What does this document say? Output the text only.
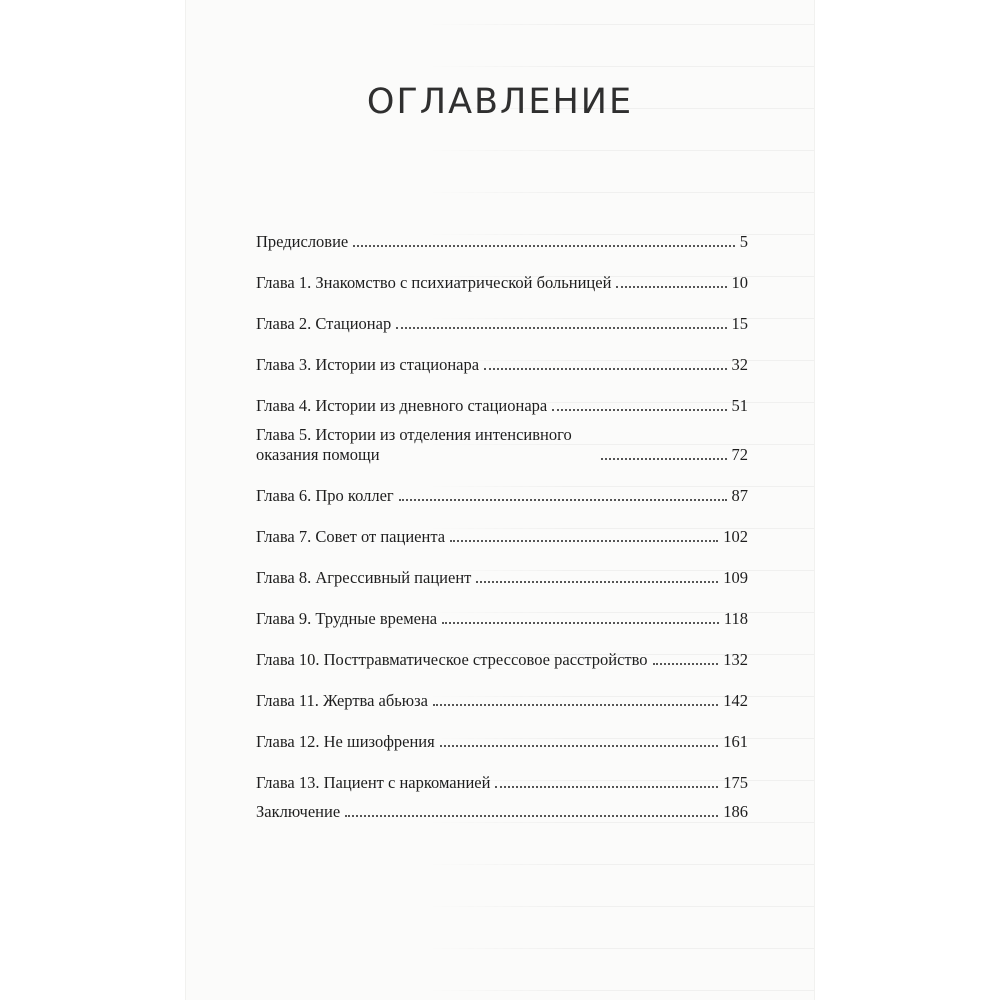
ОГЛАВЛЕНИЕ
Предисловие	5
Глава 1. Знакомство с психиатрической больницей	10
Глава 2. Стационар	15
Глава 3. Истории из стационара	32
Глава 4. Истории из дневного стационара	51
Глава 5. Истории из отделения интенсивного оказания помощи	72
Глава 6. Про коллег	87
Глава 7. Совет от пациента	102
Глава 8. Агрессивный пациент	109
Глава 9. Трудные времена	118
Глава 10. Посттравматическое стрессовое расстройство	132
Глава 11. Жертва абьюза	142
Глава 12. Не шизофрения	161
Глава 13. Пациент с наркоманией	175
Заключение	186
